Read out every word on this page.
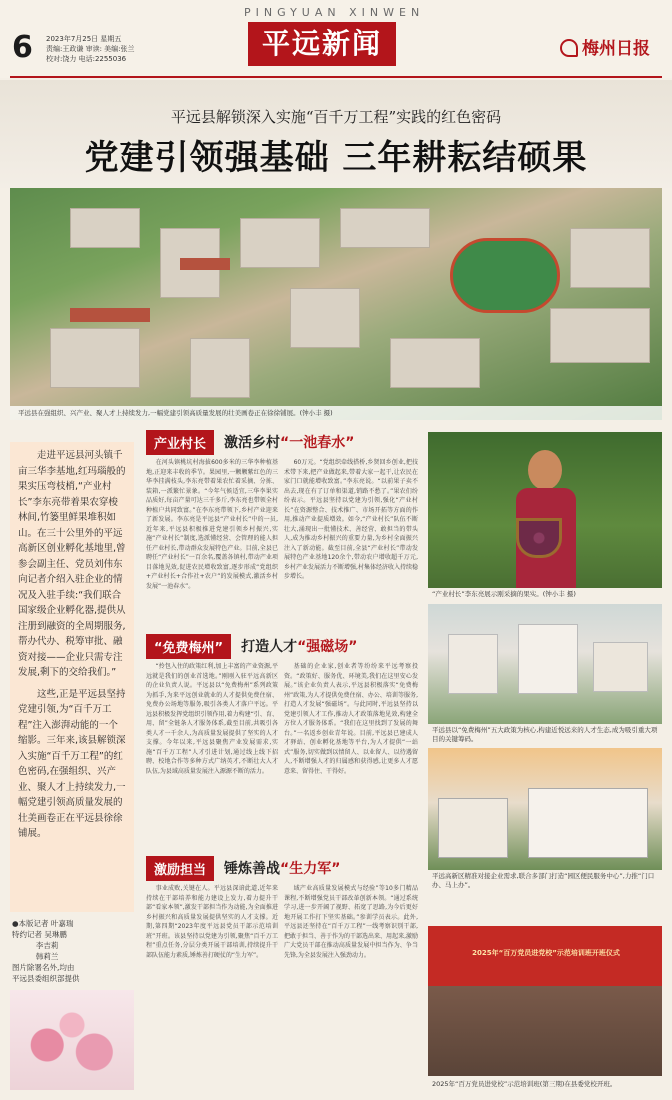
6 2023年7月25日 星期五
责编:王政谦 审读: 美编:张兰
校对:饶力 电话:2255036
PINGYUAN XINWEN
平远新闻	梅州日报
平远县解锁深入实施“百千万工程”实践的红色密码
党建引领强基础 三年耕耘结硕果
平远县在强组织、兴产业、聚人才上持续发力,一幅党建引领高质量发展的壮美画卷正在徐徐铺展。(钟小丰 摄)

走进平远县河头镇千亩三华李基地,红玛瑙般的果实压弯枝梢,“产业村长”李东亮带着果农穿梭林间,竹篓里鲜果堆积如山。在三十公里外的平远高新区创业孵化基地里,曾参会副主任、党员刘伟东向记者介绍入驻企业的情况及入驻手续:“我们联合国家级企业孵化器,提供从注册到融资的全周期服务,帮办代办、税筹审批、融资对接——企业只需专注发展,剩下的交给我们。”

这些,正是平远县坚持党建引领,为“百千万工程”注入澎湃动能的一个缩影。三年来,该县解锁深入实施“百千万工程”的红色密码,在强组织、兴产业、聚人才上持续发力,一幅党建引领高质量发展的壮美画卷正在平远县徐徐铺展。

产业村长	激活乡村“一池春水”
在河头镇桃坑村海拔600多米的三华李种植基地,正迎来丰收的季节。果园里,一颗颗紫红色的三华李挂满枝头,李东亮带着果农忙着采摘、分拣、装箱,一派繁忙景象。“今年气候适宜,三华李果实品质好,每亩产量可达三千多斤,李东亮也带领全村种植户共同致富。”在李东亮带领下,乡村产业迎来了新发展。李东亮是平远县“产业村长”中的一员,近年来,平远县积极推进党建引领乡村振兴,实施“产业村长”制度,选派懂经营、会管理的能人担任产业村长,带动群众发展特色产业。目前,全县已聘任“产业村长”一百余名,覆盖各镇村,带动产业项目落地见效,促进农民增收致富,逐步形成“党组织+产业村长+合作社+农户”的发展模式,激活乡村发展“一池春水”。
60万元。“党组织牵线搭桥,乡贤回乡创业,把技术带下来,把产业做起来,带着大家一起干,让农民在家门口就能增收致富。”李东亮说。“以前果子卖不出去,现在有了订单和渠道,销路不愁了。”果农们纷纷表示。平远县坚持以党建为引领,强化“产业村长”在资源整合、技术推广、市场开拓等方面的作用,推动产业提质增效。如今,“产业村长”队伍不断壮大,涌现出一批懂技术、善经营、敢担当的带头人,成为推动乡村振兴的重要力量,为乡村全面振兴注入了新动能。截至目前,全县“产业村长”带动发展特色产业基地120余个,带动农户增收超千万元,乡村产业发展活力不断增强,村集体经济收入持续稳步增长。
“免费梅州”	打造人才“强磁场”
“拎包入住的政策红利,加上丰富的产业资源,平远就是我们的创业首选地。”刚刚入驻平远高新区的企业负责人说。平远县以“免费梅州”系列政策为抓手,为来平远创业就业的人才提供免费住宿、免费办公场地等服务,吸引各类人才落户平远。平远县积极发挥党组织引领作用,着力构建“引、育、用、留”全链条人才服务体系,截至目前,共吸引各类人才一千余人,为高质量发展提供了坚实的人才支撑。今年以来,平远县聚焦产业发展需求,实施“百千万工程”人才引进计划,通过线上线下招聘、校地合作等多种方式广纳英才,不断壮大人才队伍,为县域高质量发展注入源源不断的活力。
基础的企业家,创业者等纷纷来平远考察投资。“政策好、服务优、环境美,我们在这里安心发展。”该企业负责人表示,平远县积极落实“免费梅州”政策,为人才提供免费住宿、办公、培训等服务,打造人才发展“强磁场”。与此同时,平远县坚持以党建引领人才工作,推动人才政策落地见效,构建全方位人才服务体系。“我们在这里找到了发展的舞台。”一名返乡创业青年说。目前,平远县已建成人才驿站、创业孵化基地等平台,为人才提供“一站式”服务,切实做到以情留人、以业留人、以待遇留人,不断增强人才的归属感和获得感,让更多人才愿意来、留得住、干得好。
激励担当	锤炼善战“生力军”
事业成败,关键在人。平远县深谙此道,近年来持续在干部培养和能力建设上发力,着力提升干部“看家本领”,激发干部担当作为动能,为全面推进乡村振兴和高质量发展提供坚实的人才支撑。近期,第四期“2023年度平远县党员干部示范培训班”开班。该县坚持以党建为引领,聚焦“百千万工程”重点任务,分层分类开展干部培训,持续提升干部队伍能力素质,锤炼善打硬仗的“生力军”。
域产业高质量发展模式与经验”等10多门精品课程,不断增强党员干部改革创新本领。“通过系统学习,进一步开阔了视野、拓宽了思路,为今后更好地开展工作打下坚实基础。”参训学员表示。此外,平远县还坚持在“百千万工程”一线考察识别干部,把敢于担当、善于作为的干部选出来、用起来,激励广大党员干部在推动高质量发展中担当作为、争当先锋,为全县发展注入强劲动力。
“产业村长”李东亮展示刚采摘的果实。(钟小丰 摄)
平远县以“免费梅州”五大政策为核心,构建近悦远来的人才生态,成为吸引重大项目的关键筹码。
平远高新区精准对接企业需求,联合多部门打造“园区便民服务中心”,力推“门口办、马上办”。
2025年“百万党员进党校”示范培训班开班仪式
2025年“百万党员进党校”示范培训班(第三期)在县委党校开班。
●本版记者 叶嘉瑞
特约记者 吴琳鹏
李吉莉
韩莉兰
图片除署名外,均由
平远县委组织部提供
